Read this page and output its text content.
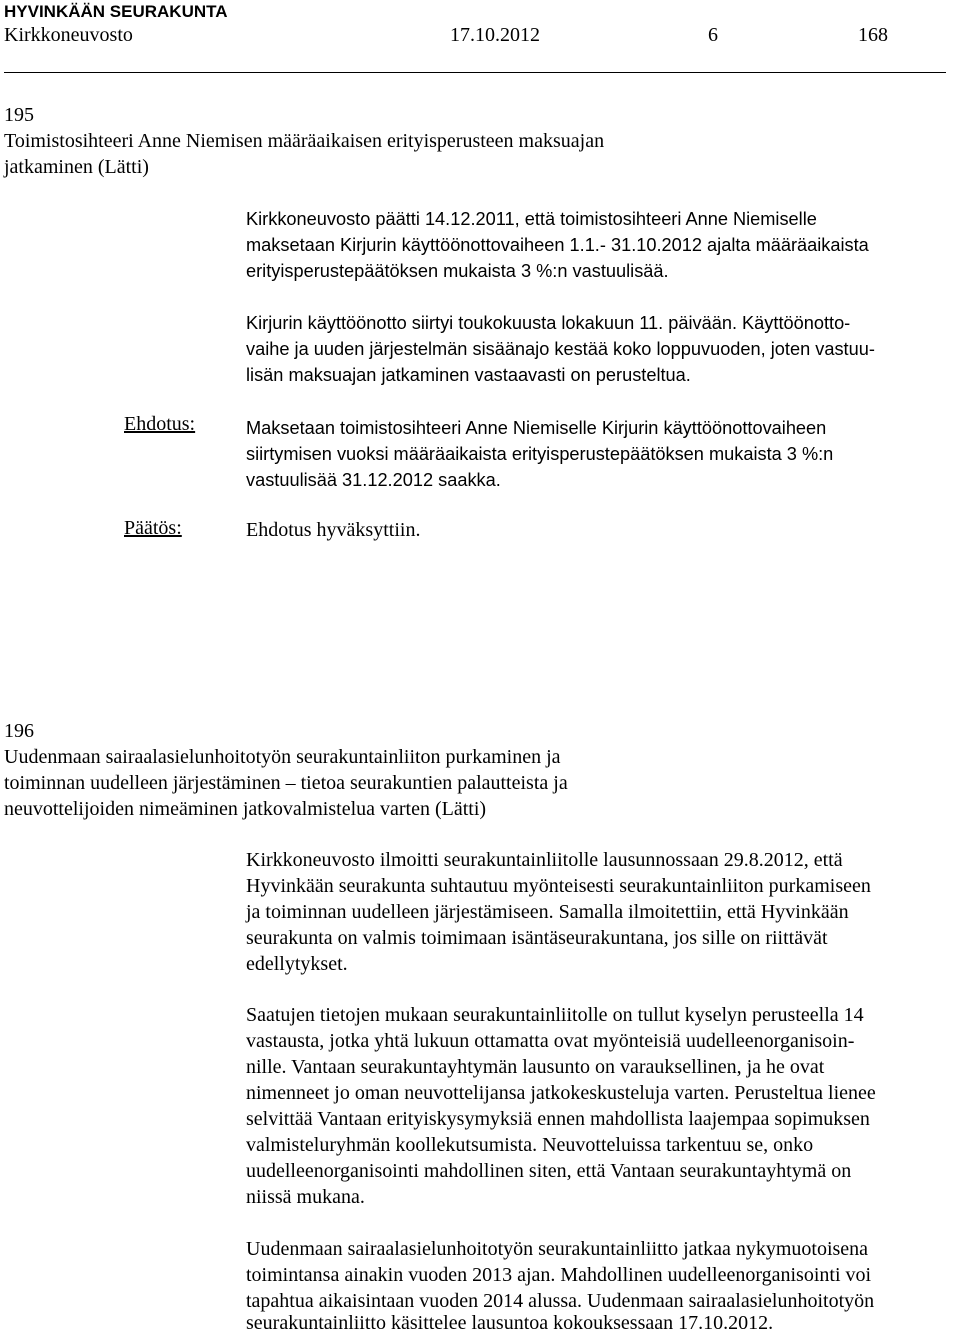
HYVINKÄÄN SEURAKUNTA
Kirkkoneuvosto	17.10.2012	6	168
195
Toimistosihteeri Anne Niemisen määräaikaisen erityisperusteen maksuajan
jatkaminen (Lätti)
Kirkkoneuvosto päätti 14.12.2011, että toimistosihteeri Anne Niemiselle
maksetaan Kirjurin käyttöönottovaiheen 1.1.- 31.10.2012 ajalta määräaikaista
erityisperustepäätöksen mukaista 3 %:n vastuulisää.
Kirjurin käyttöönotto siirtyi toukokuusta lokakuun 11. päivään. Käyttöönotto-
vaihe ja uuden järjestelmän sisäänajo kestää koko loppuvuoden, joten vastuu-
lisän maksuajan jatkaminen vastaavasti on perusteltua.
Ehdotus:	Maksetaan toimistosihteeri Anne Niemiselle Kirjurin käyttöönottovaiheen
siirtymisen vuoksi määräaikaista erityisperustepäätöksen mukaista 3 %:n
vastuulisää 31.12.2012 saakka.
Päätös:	Ehdotus hyväksyttiin.
196
Uudenmaan sairaalasielunhoitotyön seurakuntainliiton purkaminen ja
toiminnan uudelleen järjestäminen – tietoa seurakuntien palautteista ja
neuvottelijoiden nimeäminen jatkovalmistelua varten (Lätti)
Kirkkoneuvosto ilmoitti seurakuntainliitolle lausunnossaan 29.8.2012, että
Hyvinkään seurakunta suhtautuu myönteisesti seurakuntainliiton purkamiseen
ja toiminnan uudelleen järjestämiseen. Samalla ilmoitettiin, että Hyvinkään
seurakunta on valmis toimimaan isäntäseurakuntana, jos sille on riittävät
edellytykset.
Saatujen tietojen mukaan seurakuntainliitolle on tullut kyselyn perusteella 14
vastausta, jotka yhtä lukuun ottamatta ovat myönteisiä uudelleenorganisoin-
nille. Vantaan seurakuntayhtymän lausunto on varauksellinen, ja he ovat
nimenneet jo oman neuvottelijansa jatkokeskusteluja varten. Perusteltua lienee
selvittää Vantaan erityiskysymyksiä ennen mahdollista laajempaa sopimuksen
valmisteluryhmän koollekutsumista. Neuvotteluissa tarkentuu se, onko
uudelleenorganisointi mahdollinen siten, että Vantaan seurakuntayhtymä on
niissä mukana.
Uudenmaan sairaalasielunhoitotyön seurakuntainliitto jatkaa nykymuotoisena
toimintansa ainakin vuoden 2013 ajan. Mahdollinen uudelleenorganisointi voi
tapahtua aikaisintaan vuoden 2014 alussa. Uudenmaan sairaalasielunhoitotyön
seurakuntainliitto käsittelee lausuntoa kokouksessaan 17.10.2012.
